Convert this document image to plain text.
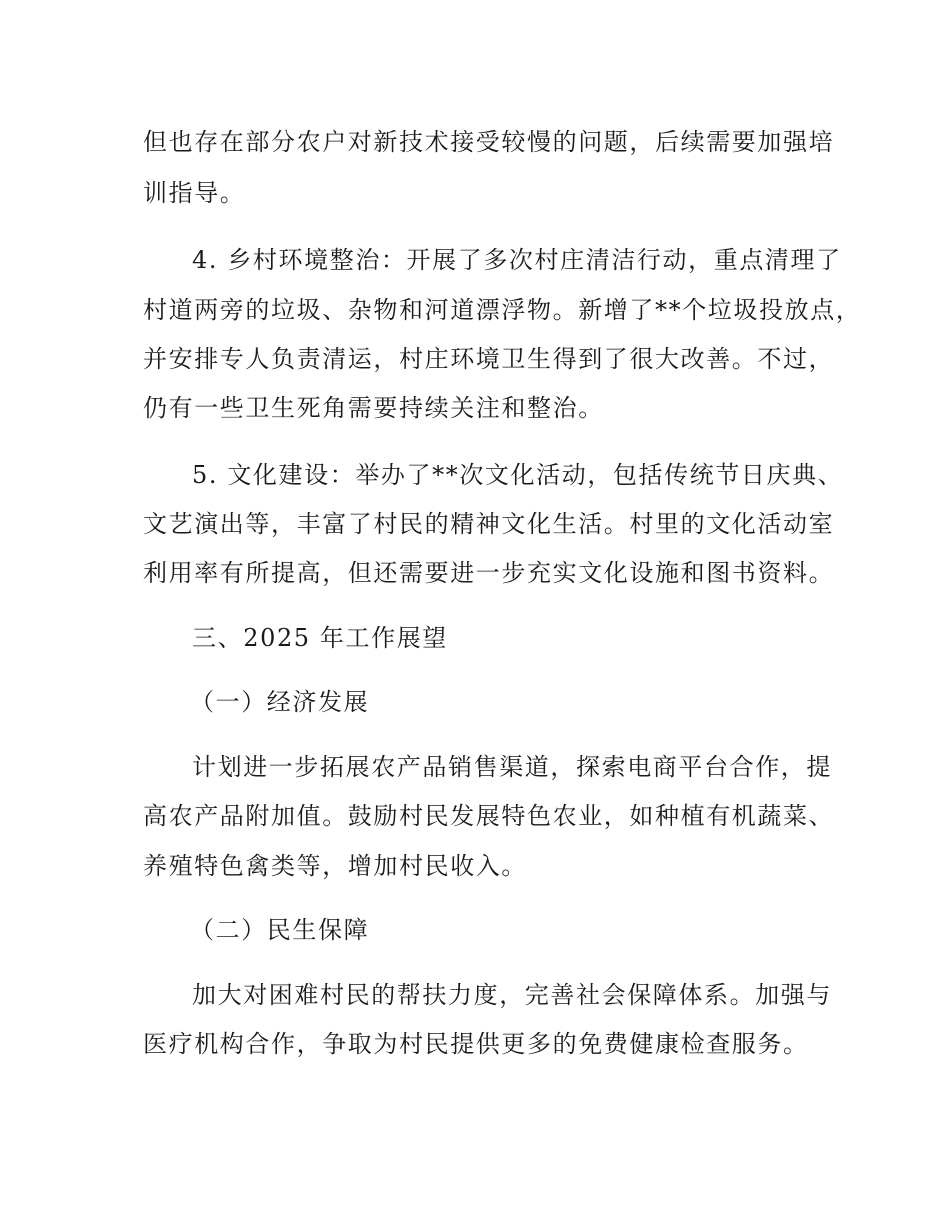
但也存在部分农户对新技术接受较慢的问题，后续需要加强培

训指导。

4. 乡村环境整治：开展了多次村庄清洁行动，重点清理了

村道两旁的垃圾、杂物和河道漂浮物。新增了**个垃圾投放点，

并安排专人负责清运，村庄环境卫生得到了很大改善。不过，

仍有一些卫生死角需要持续关注和整治。

5. 文化建设：举办了**次文化活动，包括传统节日庆典、

文艺演出等，丰富了村民的精神文化生活。村里的文化活动室

利用率有所提高，但还需要进一步充实文化设施和图书资料。

三、2025 年工作展望

（一）经济发展

计划进一步拓展农产品销售渠道，探索电商平台合作，提

高农产品附加值。鼓励村民发展特色农业，如种植有机蔬菜、

养殖特色禽类等，增加村民收入。

（二）民生保障

加大对困难村民的帮扶力度，完善社会保障体系。加强与

医疗机构合作，争取为村民提供更多的免费健康检查服务。
